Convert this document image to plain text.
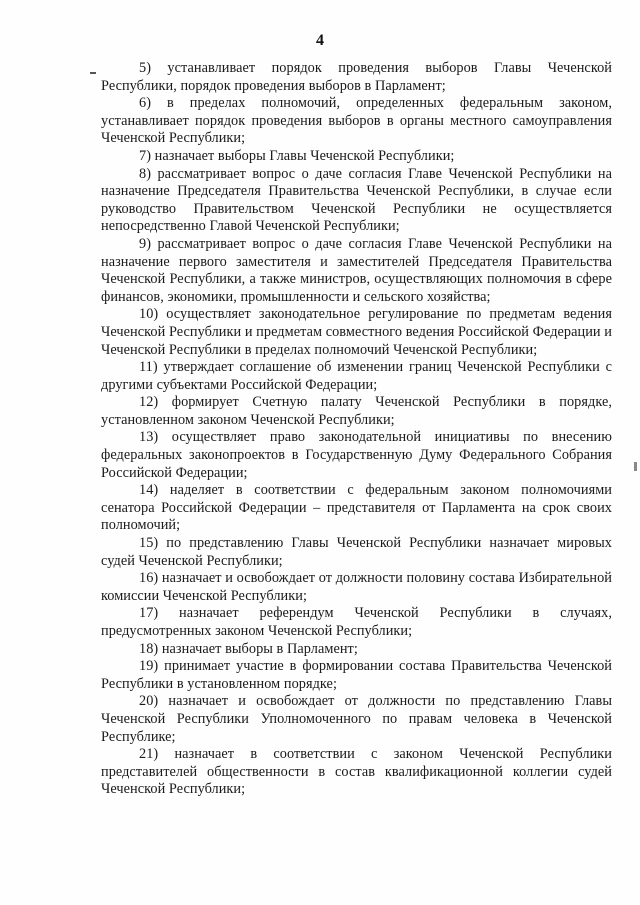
4

5) устанавливает порядок проведения выборов Главы Чеченской Республики, порядок проведения выборов в Парламент;

6) в пределах полномочий, определенных федеральным законом, устанавливает порядок проведения выборов в органы местного самоуправления Чеченской Республики;

7) назначает выборы Главы Чеченской Республики;

8) рассматривает вопрос о даче согласия Главе Чеченской Республики на назначение Председателя Правительства Чеченской Республики, в случае если руководство Правительством Чеченской Республики не осуществляется непосредственно Главой Чеченской Республики;

9) рассматривает вопрос о даче согласия Главе Чеченской Республики на назначение первого заместителя и заместителей Председателя Правительства Чеченской Республики, а также министров, осуществляющих полномочия в сфере финансов, экономики, промышленности и сельского хозяйства;

10) осуществляет законодательное регулирование по предметам ведения Чеченской Республики и предметам совместного ведения Российской Федерации и Чеченской Республики в пределах полномочий Чеченской Республики;

11) утверждает соглашение об изменении границ Чеченской Республики с другими субъектами Российской Федерации;

12) формирует Счетную палату Чеченской Республики в порядке, установленном законом Чеченской Республики;

13) осуществляет право законодательной инициативы по внесению федеральных законопроектов в Государственную Думу Федерального Собрания Российской Федерации;

14) наделяет в соответствии с федеральным законом полномочиями сенатора Российской Федерации – представителя от Парламента на срок своих полномочий;

15) по представлению Главы Чеченской Республики назначает мировых судей Чеченской Республики;

16) назначает и освобождает от должности половину состава Избирательной комиссии Чеченской Республики;

17) назначает референдум Чеченской Республики в случаях, предусмотренных законом Чеченской Республики;

18) назначает выборы в Парламент;

19) принимает участие в формировании состава Правительства Чеченской Республики в установленном порядке;

20) назначает и освобождает от должности по представлению Главы Чеченской Республики Уполномоченного по правам человека в Чеченской Республике;

21) назначает в соответствии с законом Чеченской Республики представителей общественности в состав квалификационной коллегии судей Чеченской Республики;
